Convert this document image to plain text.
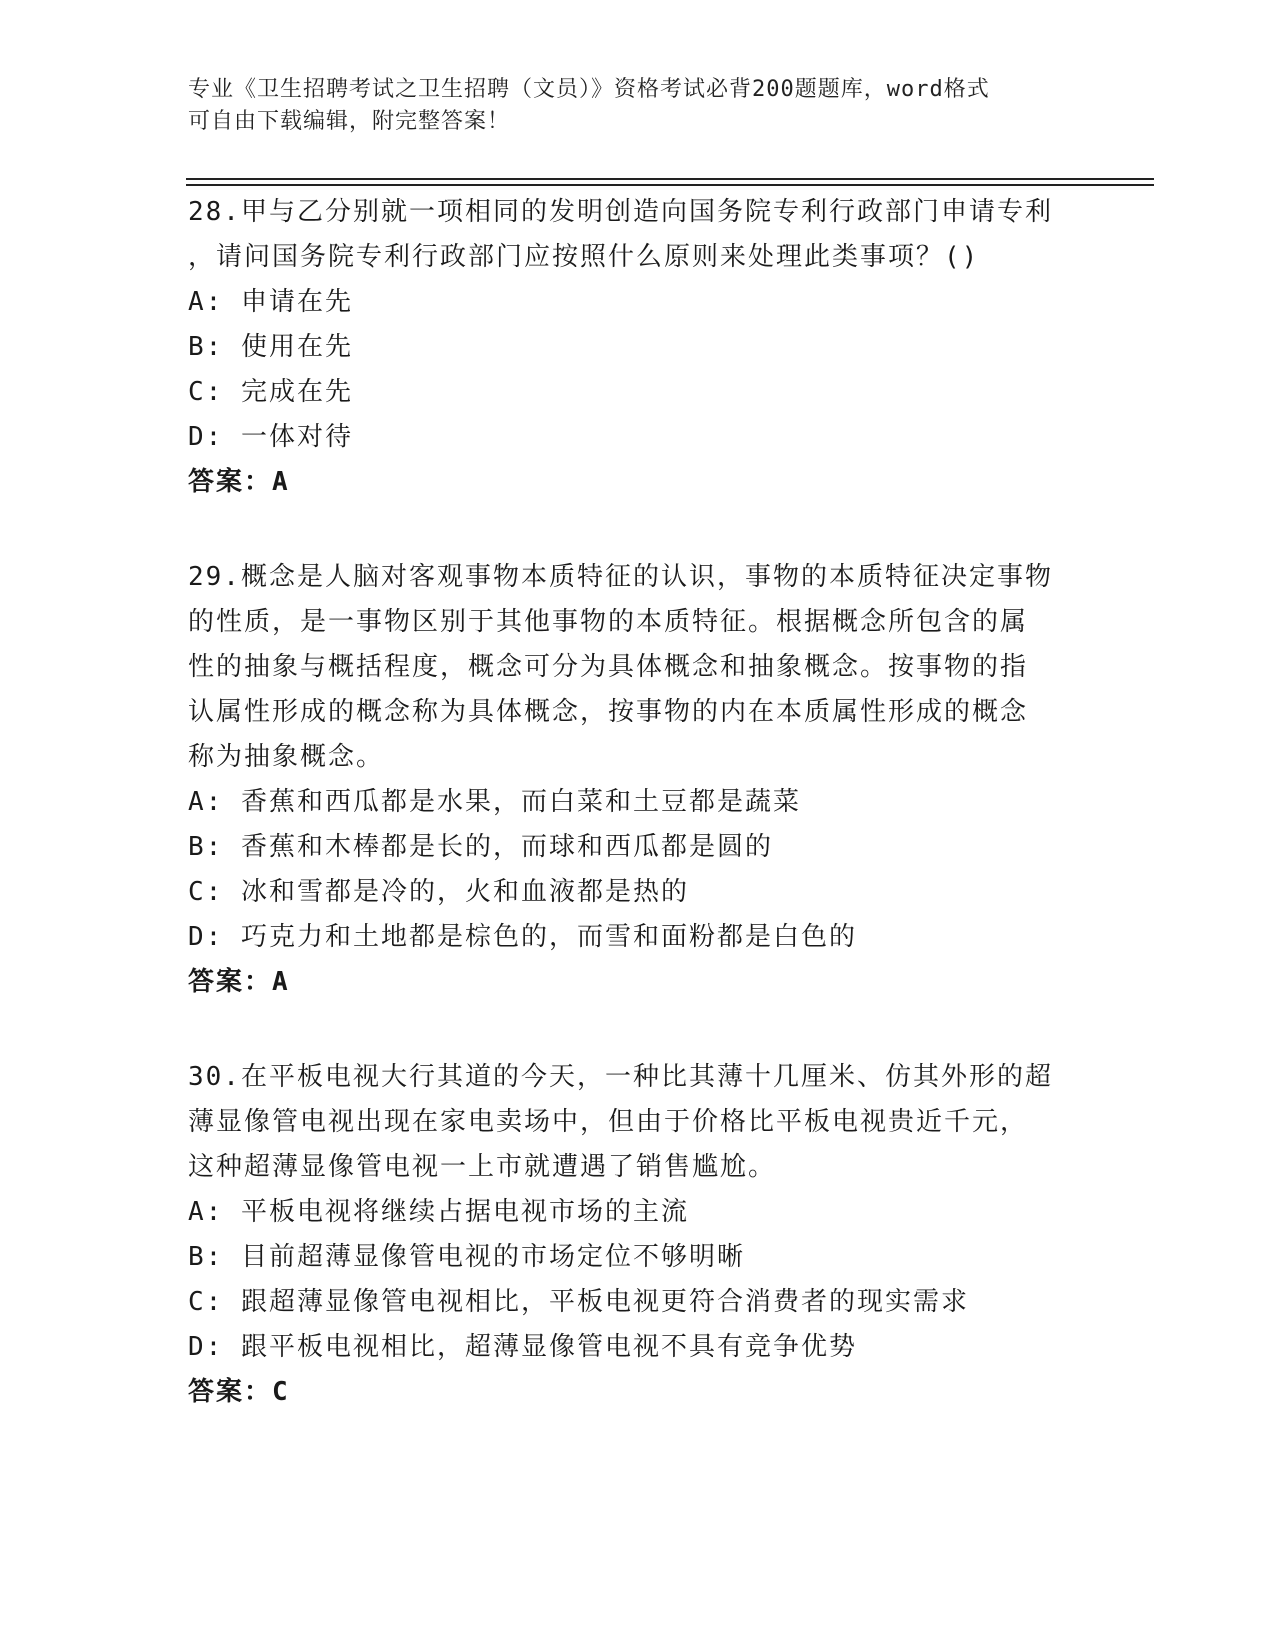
专业《卫生招聘考试之卫生招聘（文员）》资格考试必背200题题库，word格式
可自由下载编辑，附完整答案！
28.甲与乙分别就一项相同的发明创造向国务院专利行政部门申请专利
，请问国务院专利行政部门应按照什么原则来处理此类事项？()
A: 申请在先
B: 使用在先
C: 完成在先
D: 一体对待
答案：A
29.概念是人脑对客观事物本质特征的认识，事物的本质特征决定事物
的性质，是一事物区别于其他事物的本质特征。根据概念所包含的属
性的抽象与概括程度，概念可分为具体概念和抽象概念。按事物的指
认属性形成的概念称为具体概念，按事物的内在本质属性形成的概念
称为抽象概念。
A: 香蕉和西瓜都是水果，而白菜和土豆都是蔬菜
B: 香蕉和木棒都是长的，而球和西瓜都是圆的
C: 冰和雪都是冷的，火和血液都是热的
D: 巧克力和土地都是棕色的，而雪和面粉都是白色的
答案：A
30.在平板电视大行其道的今天，一种比其薄十几厘米、仿其外形的超
薄显像管电视出现在家电卖场中，但由于价格比平板电视贵近千元，
这种超薄显像管电视一上市就遭遇了销售尴尬。
A: 平板电视将继续占据电视市场的主流
B: 目前超薄显像管电视的市场定位不够明晰
C: 跟超薄显像管电视相比，平板电视更符合消费者的现实需求
D: 跟平板电视相比，超薄显像管电视不具有竞争优势
答案：C
